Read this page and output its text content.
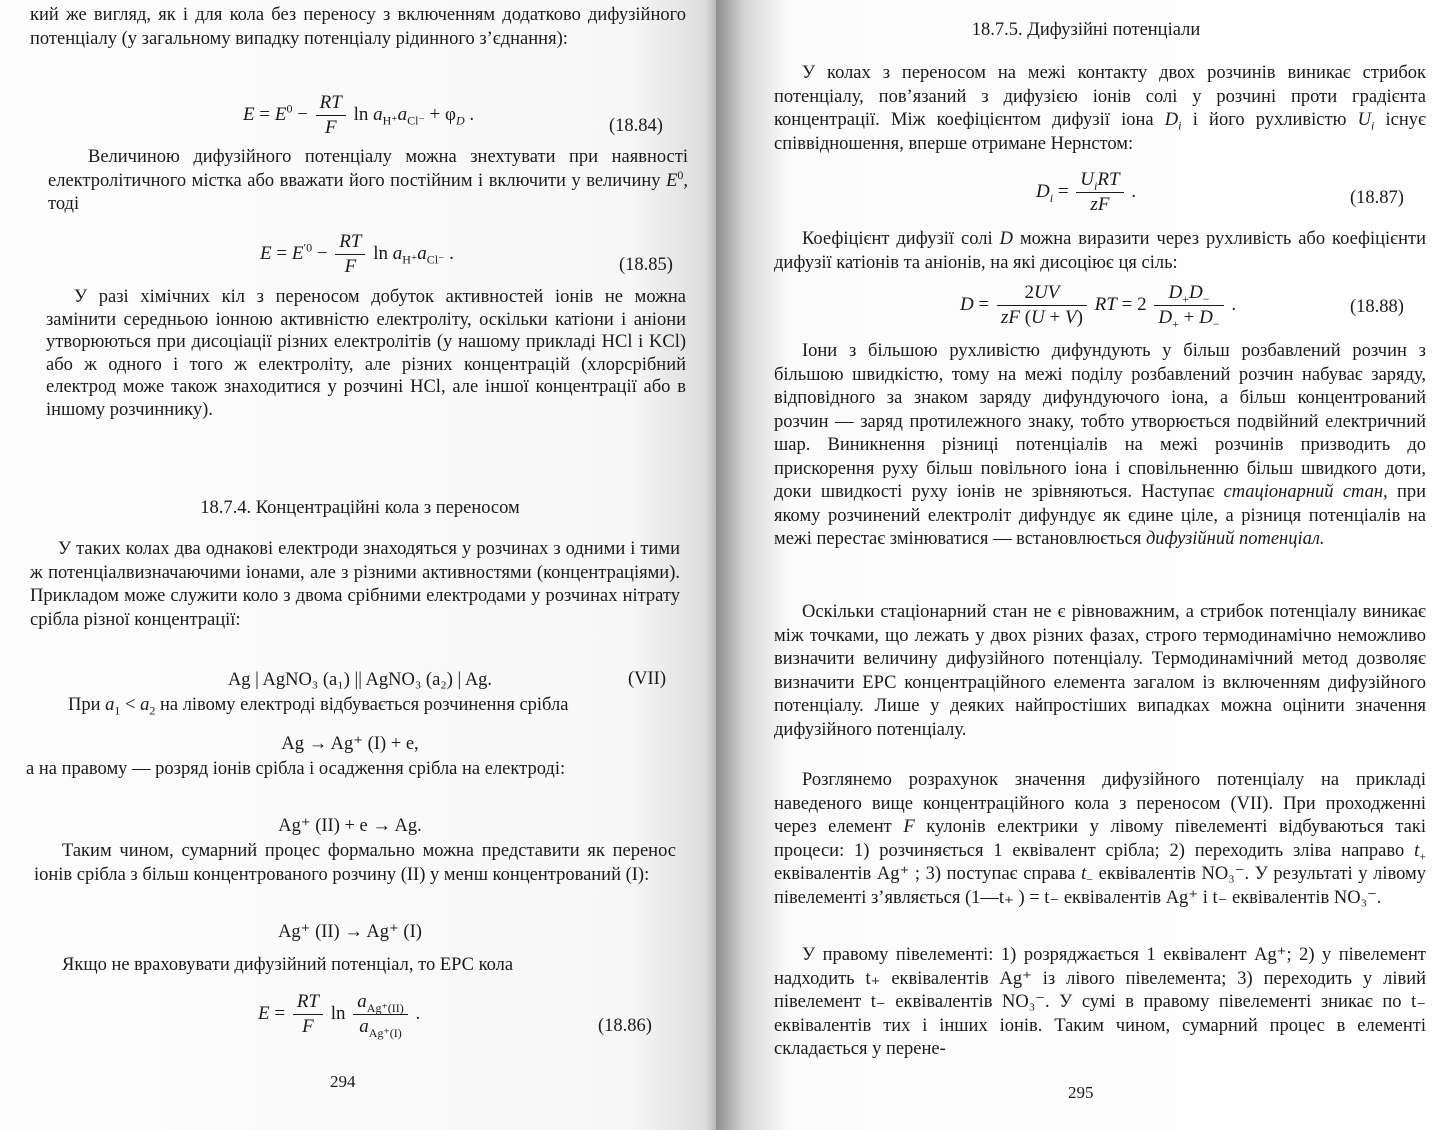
кий же вигляд, як і для кола без переносу з включенням додатково дифузійного потенціалу (у загальному випадку потенціалу рідинного з’єднання):

$E = E^0 - \frac{RT}{F}$ $\ln a_{H^+}a_{Cl^-} + \varphi_D$ .
(18.84)

Величиною дифузійного потенціалу можна знехтувати при наявності електролітичного містка або вважати його постійним і включити у величину $E^0$, тоді

$E = E^{'0} - \frac{RT}{F}$ $\ln a_{H^+}a_{Cl^-}$ .
(18.85)

У разі хімічних кіл з переносом добуток активностей іонів не можна замінити середньою іонною активністю електроліту, оскільки катіони і аніони утворюються при дисоціації різних електролітів (у нашому прикладі HCl і KCl) або ж одного і того ж електроліту, але різних концентрацій (хлорсрібний електрод може також знаходитися у розчині HCl, але іншої концентрації або в іншому розчиннику).

18.7.4. Концентраційні кола з переносом

У таких колах два однакові електроди знаходяться у розчинах з одними і тими ж потенціалвизначаючими іонами, але з різними активностями (концентраціями). Прикладом може служити коло з двома срібними електродами у розчинах нітрату срібла різної концентрації:

Ag | AgNO₃ (a₁) || AgNO₃ (a₂) | Ag.	(VII)

При $a_1 < a_2$ на лівому електроді відбувається розчинення срібла

Ag → Ag⁺ (I) + e,

а на правому — розряд іонів срібла і осадження срібла на електроді:

Ag⁺ (II) + e → Ag.

Таким чином, сумарний процес формально можна представити як перенос іонів срібла з більш концентрованого розчину (II) у менш концентрований (I):

Ag⁺ (II) → Ag⁺ (I)

Якщо не враховувати дифузійний потенціал, то ЕРС кола

$E = \frac{RT}{F}$ $\ln \frac{a_{Ag^+(II)}}{a_{Ag^+(I)}}$ .
(18.86)
294

18.7.5. Дифузійні потенціали

У колах з переносом на межі контакту двох розчинів виникає стрибок потенціалу, пов’язаний з дифузією іонів солі у розчині проти градієнта концентрації. Між коефіцієнтом дифузії іона $D_i$ і його рухливістю $U_i$ існує співвідношення, вперше отримане Нернстом:

$D_i = \frac{U_iRT}{zF}$ .	(18.87)

Коефіцієнт дифузії солі D можна виразити через рухливість або коефіцієнти дифузії катіонів та аніонів, на які дисоціює ця сіль:

$D = \frac{2UV}{zF (U + V)}$ RT = $2 \frac{D_+D_-}{D_+ + D_-}$ .	(18.88)

Іони з більшою рухливістю дифундують у більш розбавлений розчин з більшою швидкістю, тому на межі поділу розбавлений розчин набуває заряду, відповідного за знаком заряду дифундуючого іона, а більш концентрований розчин — заряд протилежного знаку, тобто утворюється подвійний електричний шар. Виникнення різниці потенціалів на межі розчинів призводить до прискорення руху більш повільного іона і сповільненню більш швидкого доти, доки швидкості руху іонів не зрівняються. Наступає стаціонарний стан, при якому розчинений електроліт дифундує як єдине ціле, а різниця потенціалів на межі перестає змінюватися — встановлюється дифузійний потенціал.

Оскільки стаціонарний стан не є рівноважним, а стрибок потенціалу виникає між точками, що лежать у двох різних фазах, строго термодинамічно неможливо визначити величину дифузійного потенціалу. Термодинамічний метод дозволяє визначити ЕРС концентраційного елемента загалом із включенням дифузійного потенціалу. Лише у деяких найпростіших випадках можна оцінити значення дифузійного потенціалу.

Розглянемо розрахунок значення дифузійного потенціалу на прикладі наведеного вище концентраційного кола з переносом (VII). При проходженні через елемент F кулонів електрики у лівому півелементі відбуваються такі процеси: 1) розчиняється 1 еквівалент срібла; 2) переходить зліва направо $t_+$ еквівалентів Ag⁺ ; 3) поступає справа $t_-$ еквівалентів NO₃⁻. У результаті у лівому півелементі з’являється (1—t₊ ) = t₋ еквівалентів Ag⁺ і t₋ еквівалентів NO₃⁻.

У правому півелементі: 1) розряджається 1 еквівалент Ag⁺; 2) у півелемент надходить t₊ еквівалентів Ag⁺ із лівого півелемента; 3) переходить у лівий півелемент t₋ еквівалентів NO₃⁻. У сумі в правому півелементі зникає по t₋ еквівалентів тих і інших іонів. Таким чином, сумарний процес в елементі складається у перене-

295
